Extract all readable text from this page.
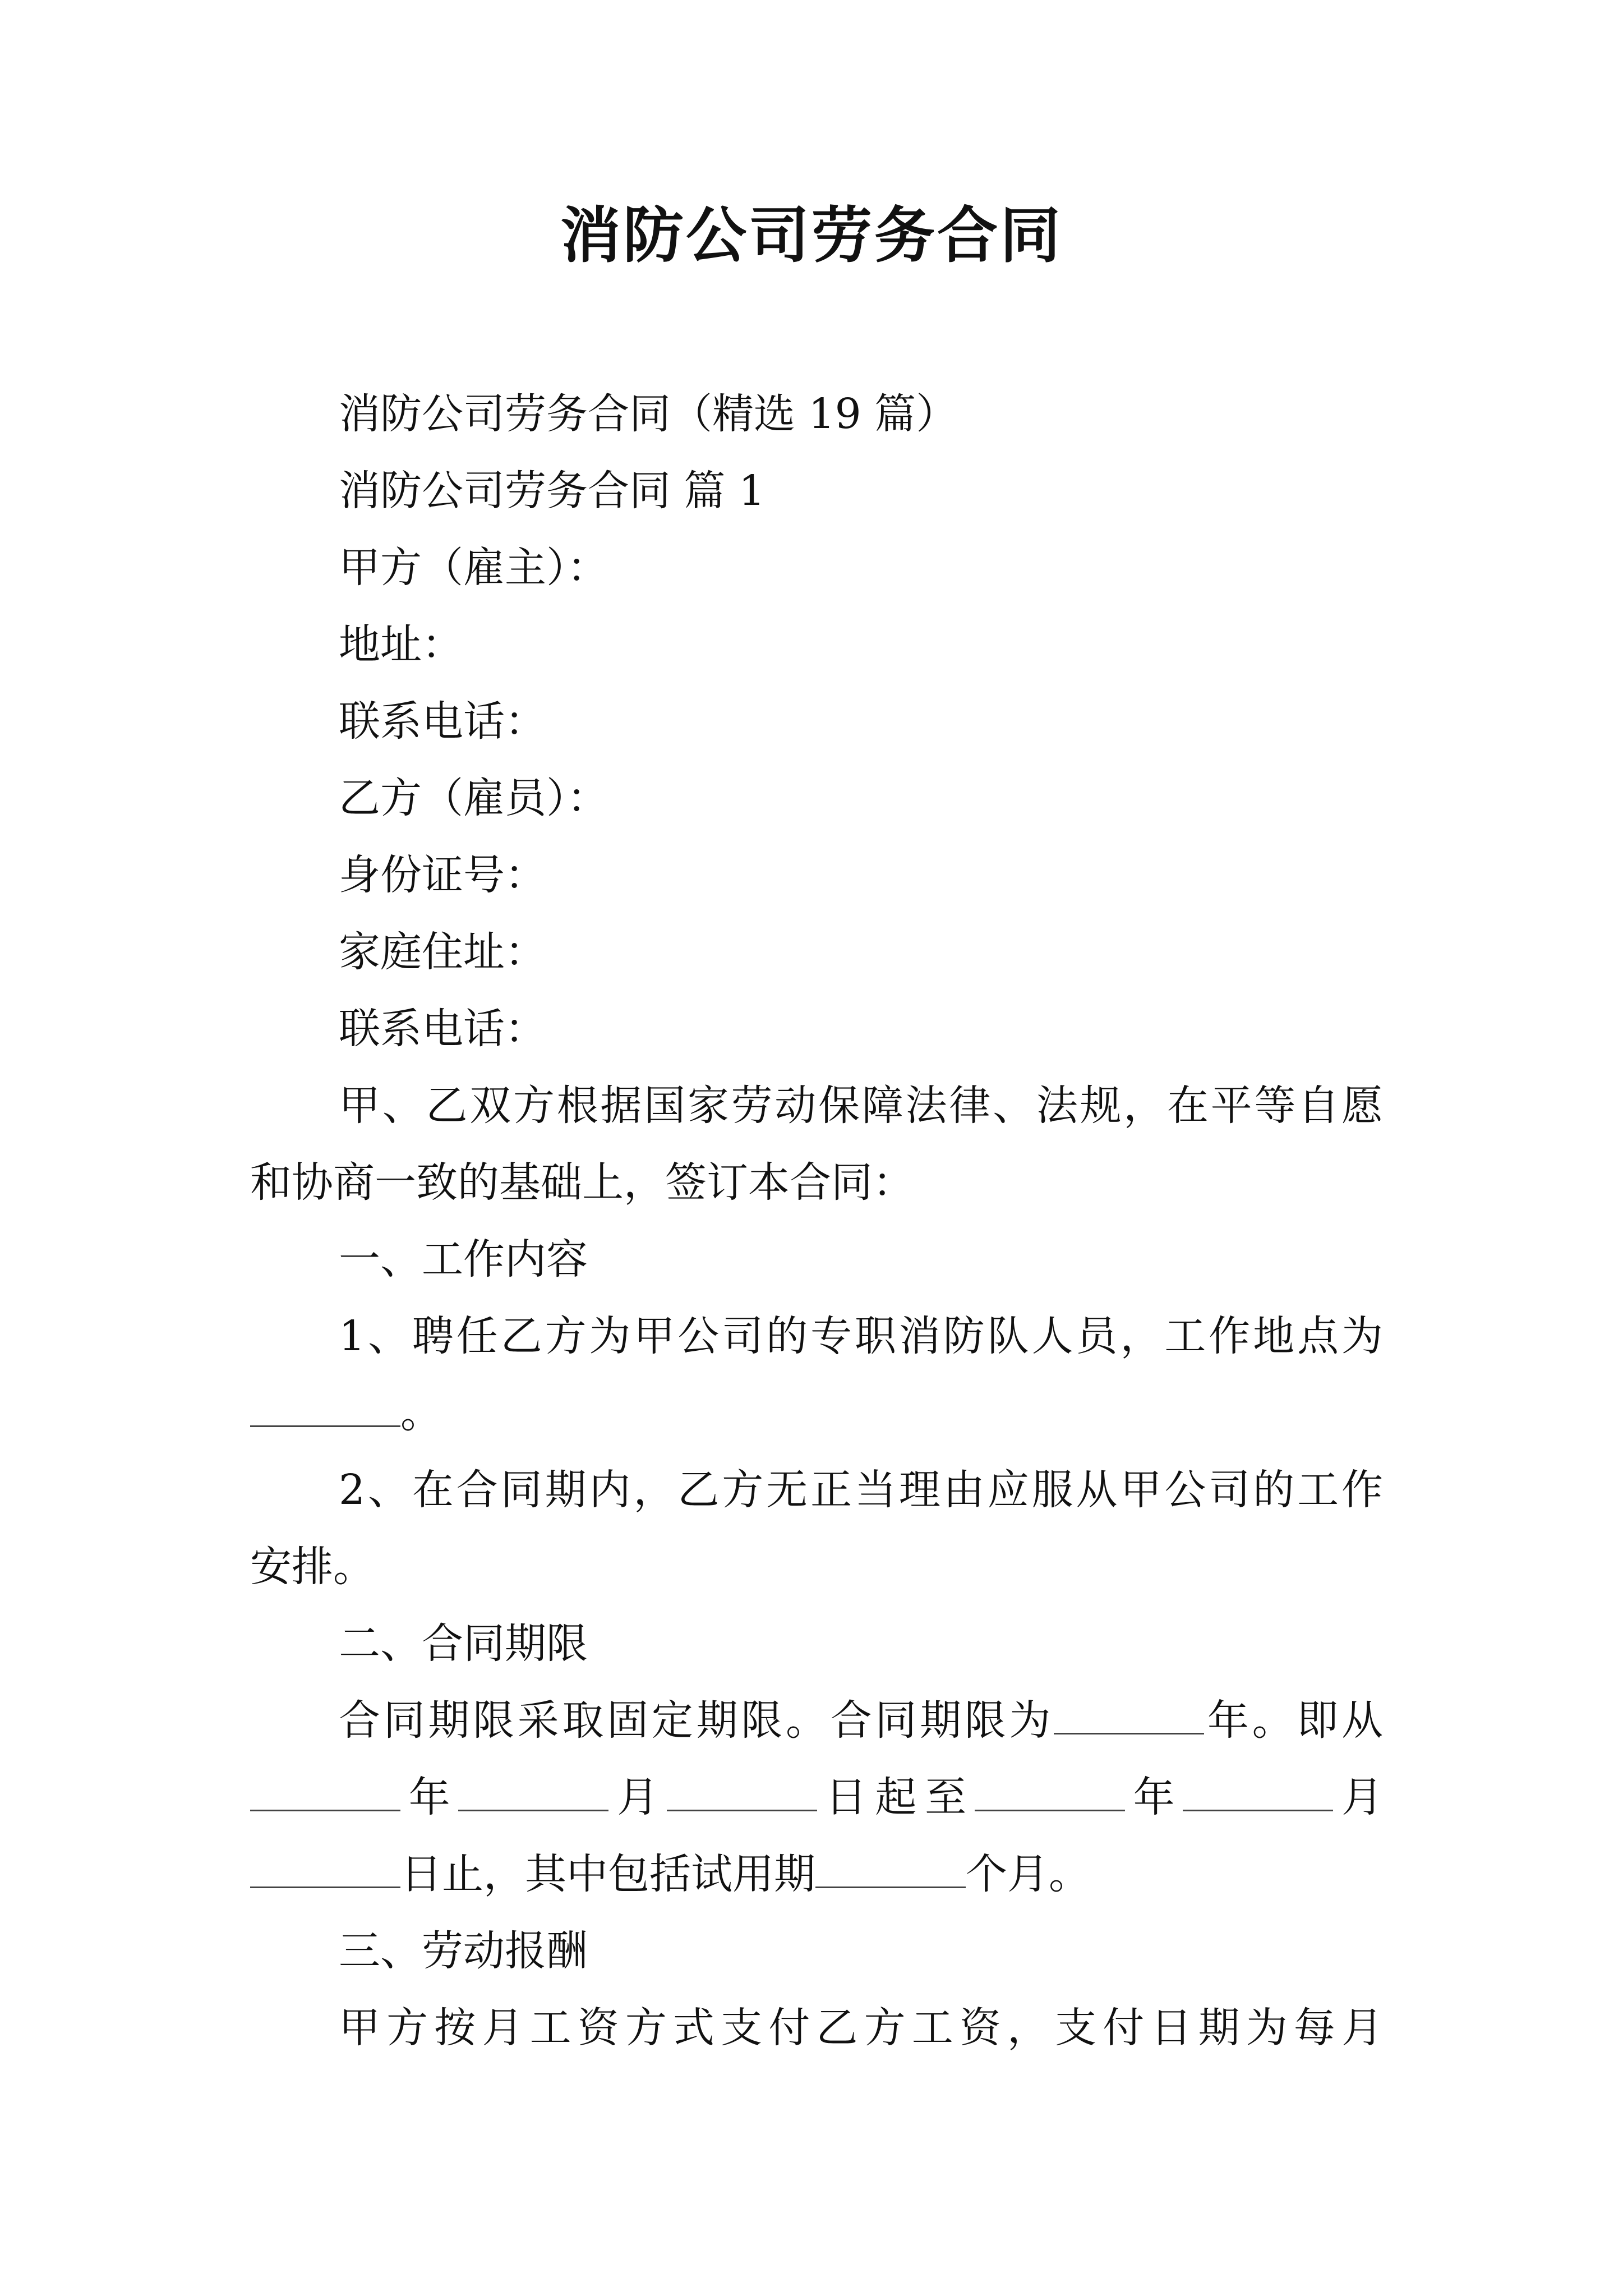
消防公司劳务合同

消防公司劳务合同（精选 19 篇）

消防公司劳务合同 篇 1

甲方（雇主）：

地址：

联系电话：

乙方（雇员）：

身份证号：

家庭住址：

联系电话：

甲、乙双方根据国家劳动保障法律、法规，在平等自愿

和协商一致的基础上，签订本合同：

一、工作内容

1、聘任乙方为甲公司的专职消防队人员，工作地点为

。

2、在合同期内，乙方无正当理由应服从甲公司的工作

安排。

二、合同期限

合同期限采取固定期限。合同期限为	年。即从

年	月	日起至	年	月

日止，其中包括试用期	个月。

三、劳动报酬

甲方按月工资方式支付乙方工资，支付日期为每月
